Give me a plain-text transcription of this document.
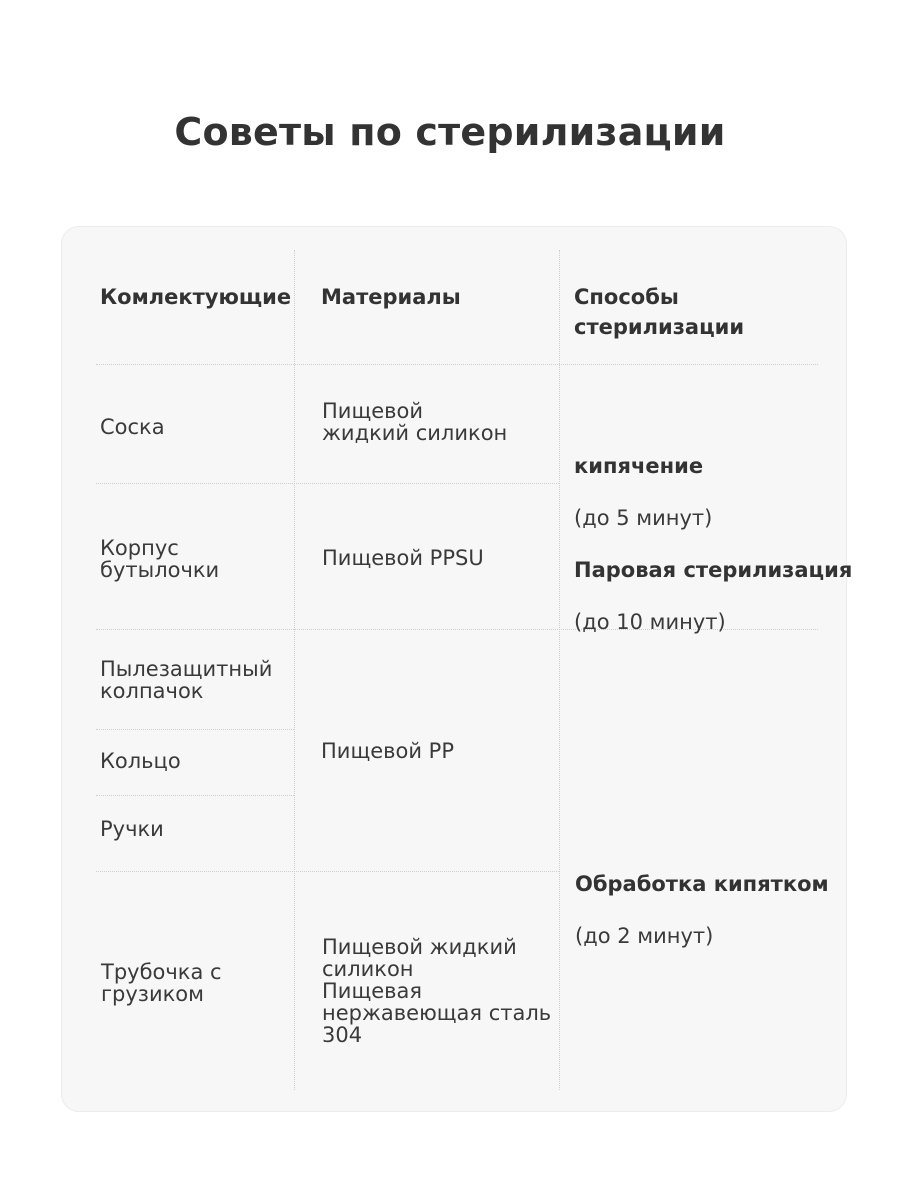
Советы по стерилизации
Комлектующие Материалы	Способы
стерилизации
Соска
Корпус
бутылочки
Пылезащитный
колпачок
Кольцо
Ручки
Трубочка с
грузиком
Пищевой
жидкий силикон
Пищевой PPSU
Пищевой PP
Пищевой жидкий
силикон
Пищевая
нержавеющая сталь
304

кипячение

(до 5 минут)

Паровая стерилизация

(до 10 минут)

Обработка кипятком

(до 2 минут)
